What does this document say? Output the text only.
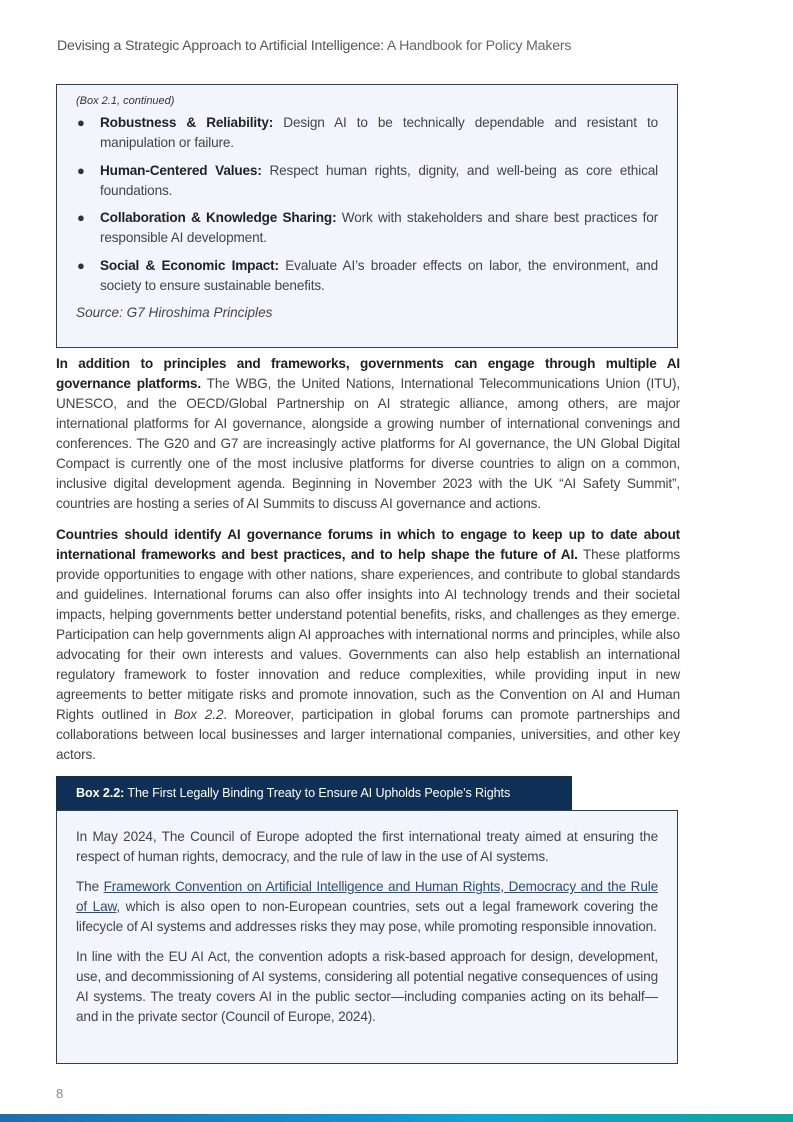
Devising a Strategic Approach to Artificial Intelligence: A Handbook for Policy Makers

(Box 2.1, continued)

● Robustness & Reliability: Design AI to be technically dependable and resistant to manipulation or failure.
● Human-Centered Values: Respect human rights, dignity, and well-being as core ethical foundations.
● Collaboration & Knowledge Sharing: Work with stakeholders and share best practices for responsible AI development.
● Social & Economic Impact: Evaluate AI’s broader effects on labor, the environment, and society to ensure sustainable benefits.

Source: G7 Hiroshima Principles

In addition to principles and frameworks, governments can engage through multiple AI governance platforms. The WBG, the United Nations, International Telecommunications Union (ITU), UNESCO, and the OECD/Global Partnership on AI strategic alliance, among others, are major international platforms for AI governance, alongside a growing number of international convenings and conferences. The G20 and G7 are increasingly active platforms for AI governance, the UN Global Digital Compact is currently one of the most inclusive platforms for diverse countries to align on a common, inclusive digital development agenda. Beginning in November 2023 with the UK “AI Safety Summit”, countries are hosting a series of AI Summits to discuss AI governance and actions.

Countries should identify AI governance forums in which to engage to keep up to date about international frameworks and best practices, and to help shape the future of AI. These platforms provide opportunities to engage with other nations, share experiences, and contribute to global standards and guidelines. International forums can also offer insights into AI technology trends and their societal impacts, helping governments better understand potential benefits, risks, and challenges as they emerge. Participation can help governments align AI approaches with international norms and principles, while also advocating for their own interests and values. Governments can also help establish an international regulatory framework to foster innovation and reduce complexities, while providing input in new agreements to better mitigate risks and promote innovation, such as the Convention on AI and Human Rights outlined in Box 2.2. Moreover, participation in global forums can promote partnerships and collaborations between local businesses and larger international companies, universities, and other key actors.

Box 2.2: The First Legally Binding Treaty to Ensure AI Upholds People’s Rights

In May 2024, The Council of Europe adopted the first international treaty aimed at ensuring the respect of human rights, democracy, and the rule of law in the use of AI systems.

The Framework Convention on Artificial Intelligence and Human Rights, Democracy and the Rule of Law, which is also open to non-European countries, sets out a legal framework covering the lifecycle of AI systems and addresses risks they may pose, while promoting responsible innovation.

In line with the EU AI Act, the convention adopts a risk-based approach for design, development, use, and decommissioning of AI systems, considering all potential negative consequences of using AI systems. The treaty covers AI in the public sector—including companies acting on its behalf—and in the private sector (Council of Europe, 2024).

8
